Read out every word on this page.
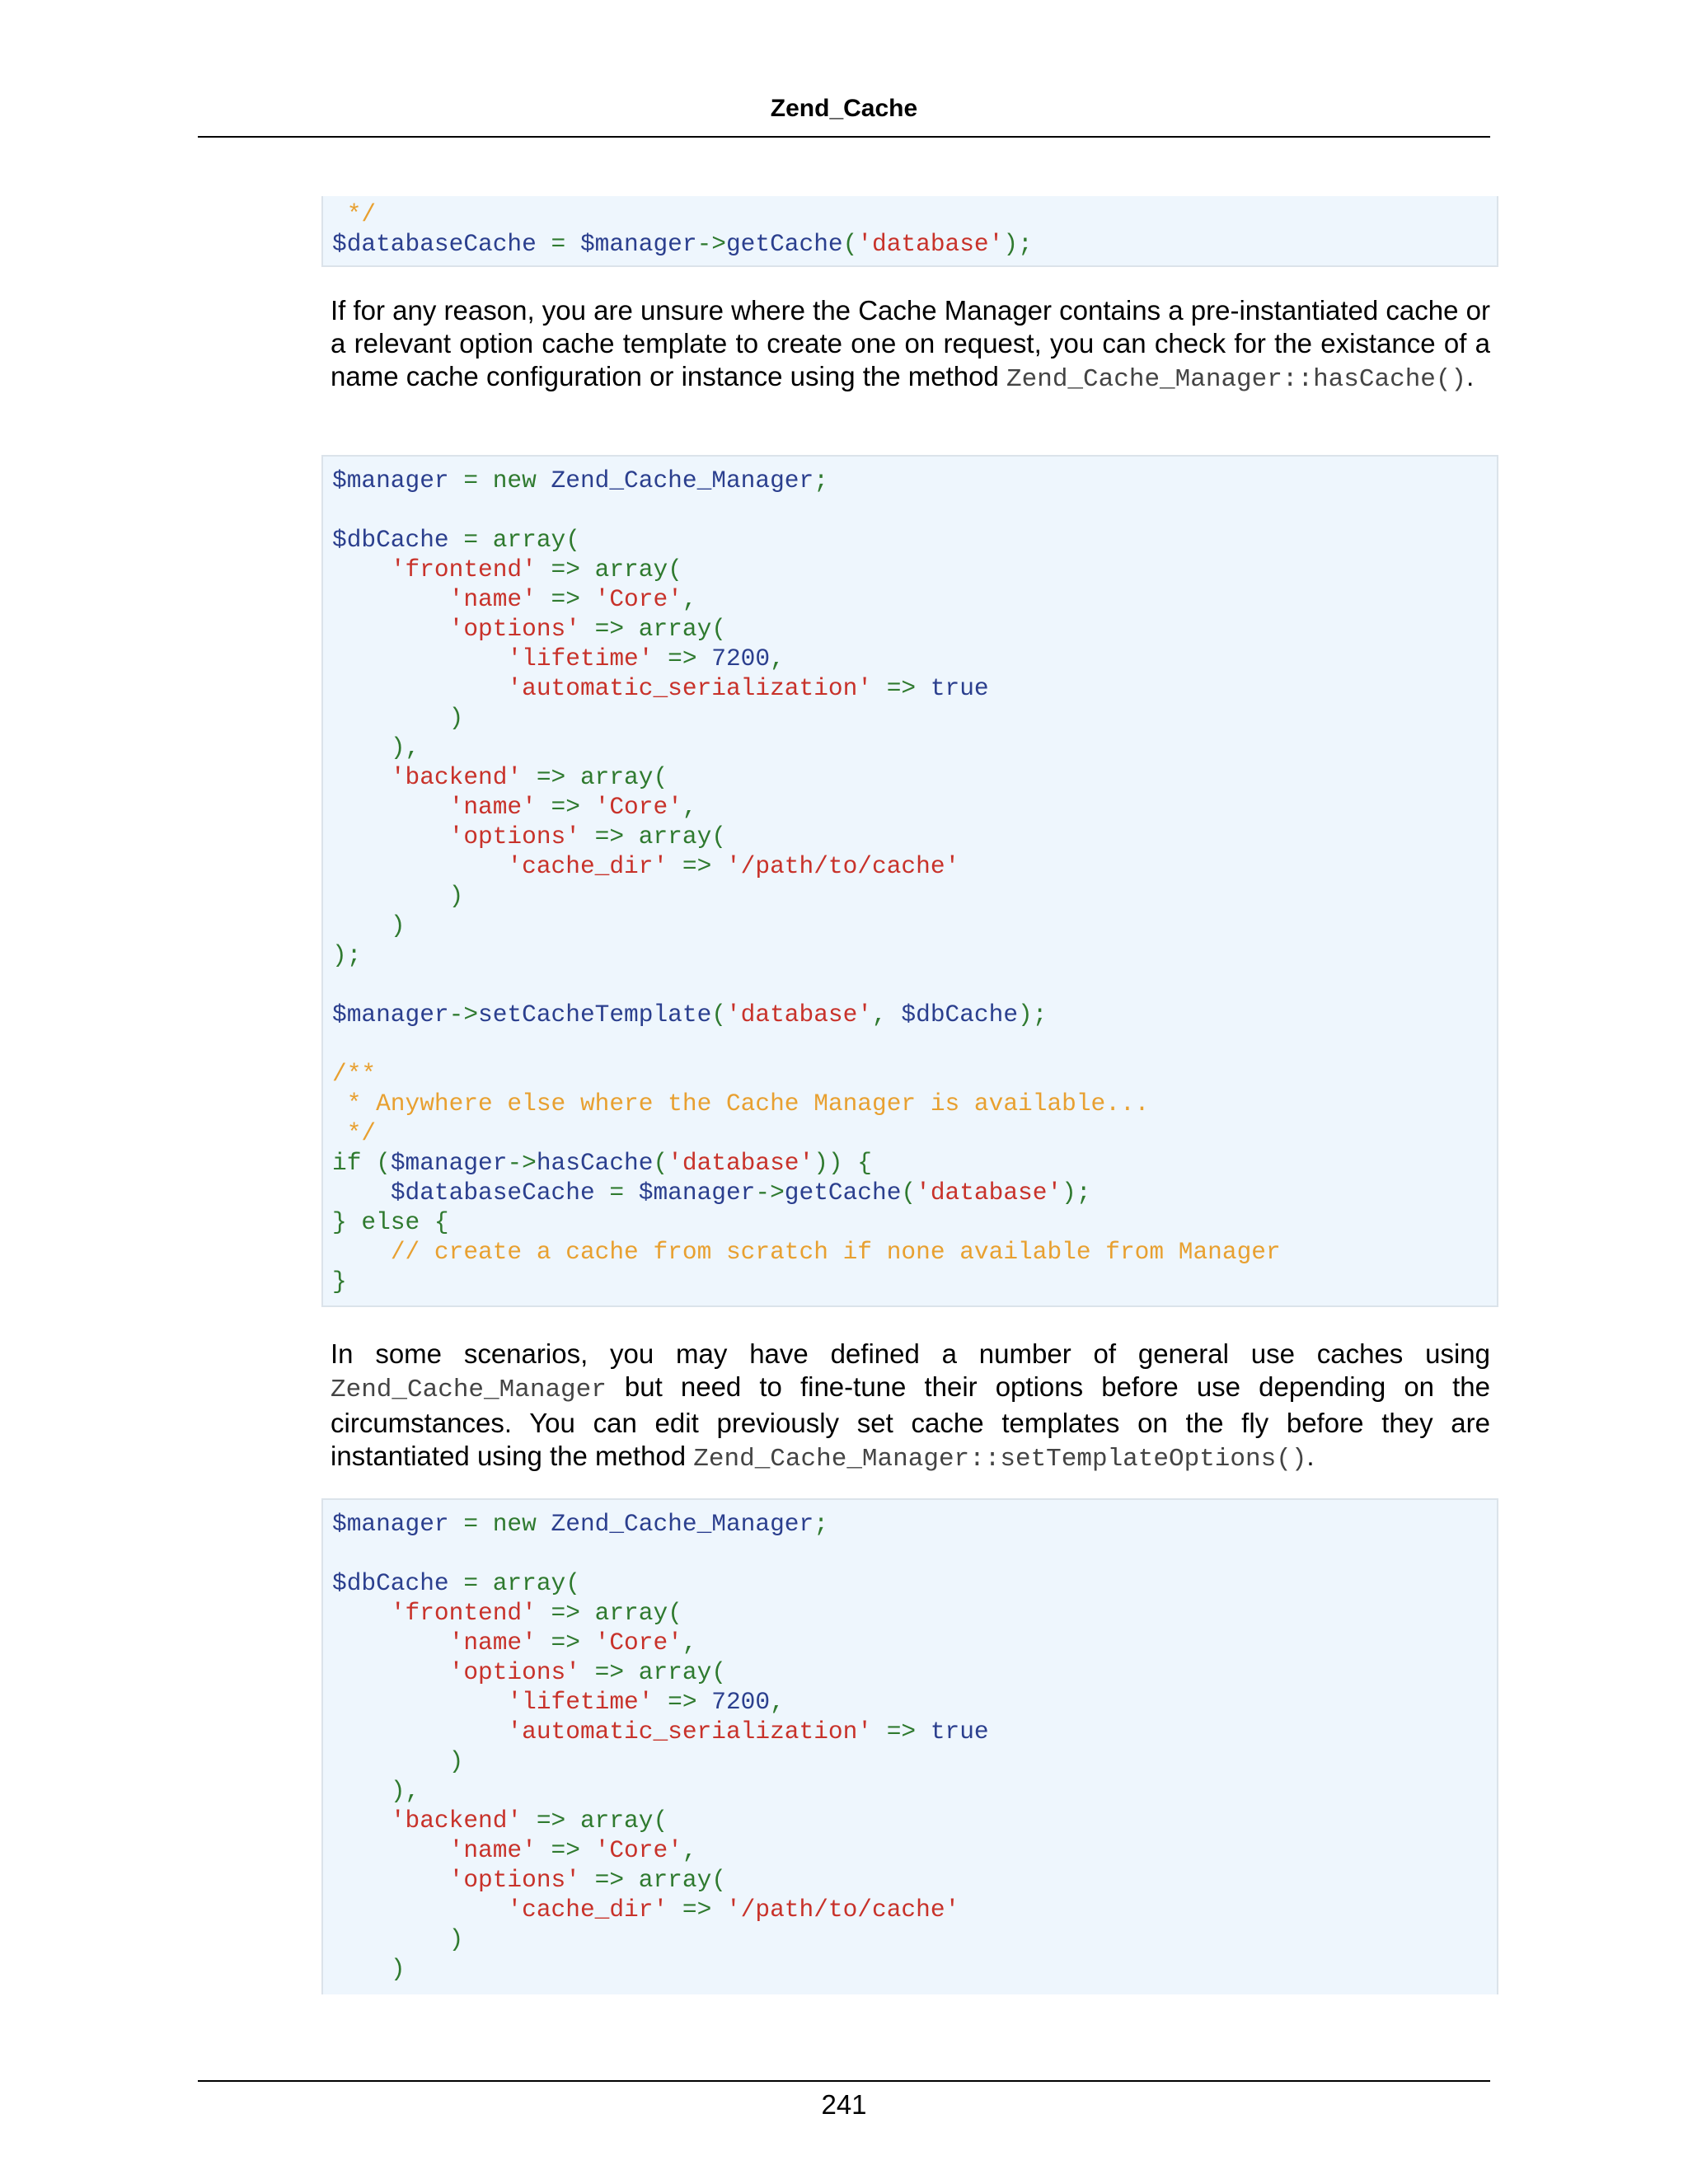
Zend_Cache
*/
$databaseCache = $manager->getCache('database');
If for any reason, you are unsure where the Cache Manager contains a pre-instantiated cache or a relevant option cache template to create one on request, you can check for the existance of a name cache configuration or instance using the method Zend_Cache_Manager::hasCache().
$manager = new Zend_Cache_Manager;
$dbCache = array(
'frontend' => array(
'name' => 'Core',
'options' => array(
'lifetime' => 7200,
'automatic_serialization' => true
)
),
'backend' => array(
'name' => 'Core',
'options' => array(
'cache_dir' => '/path/to/cache'
)
)
);
$manager->setCacheTemplate('database', $dbCache);
/**
* Anywhere else where the Cache Manager is available...
*/
if ($manager->hasCache('database')) {
$databaseCache = $manager->getCache('database');
} else {
// create a cache from scratch if none available from Manager
}
In some scenarios, you may have defined a number of general use caches using Zend_Cache_Manager but need to fine-tune their options before use depending on the circumstances. You can edit previously set cache templates on the fly before they are instantiated using the method Zend_Cache_Manager::setTemplateOptions().
$manager = new Zend_Cache_Manager;
$dbCache = array(
'frontend' => array(
'name' => 'Core',
'options' => array(
'lifetime' => 7200,
'automatic_serialization' => true
)
),
'backend' => array(
'name' => 'Core',
'options' => array(
'cache_dir' => '/path/to/cache'
)
)
241
